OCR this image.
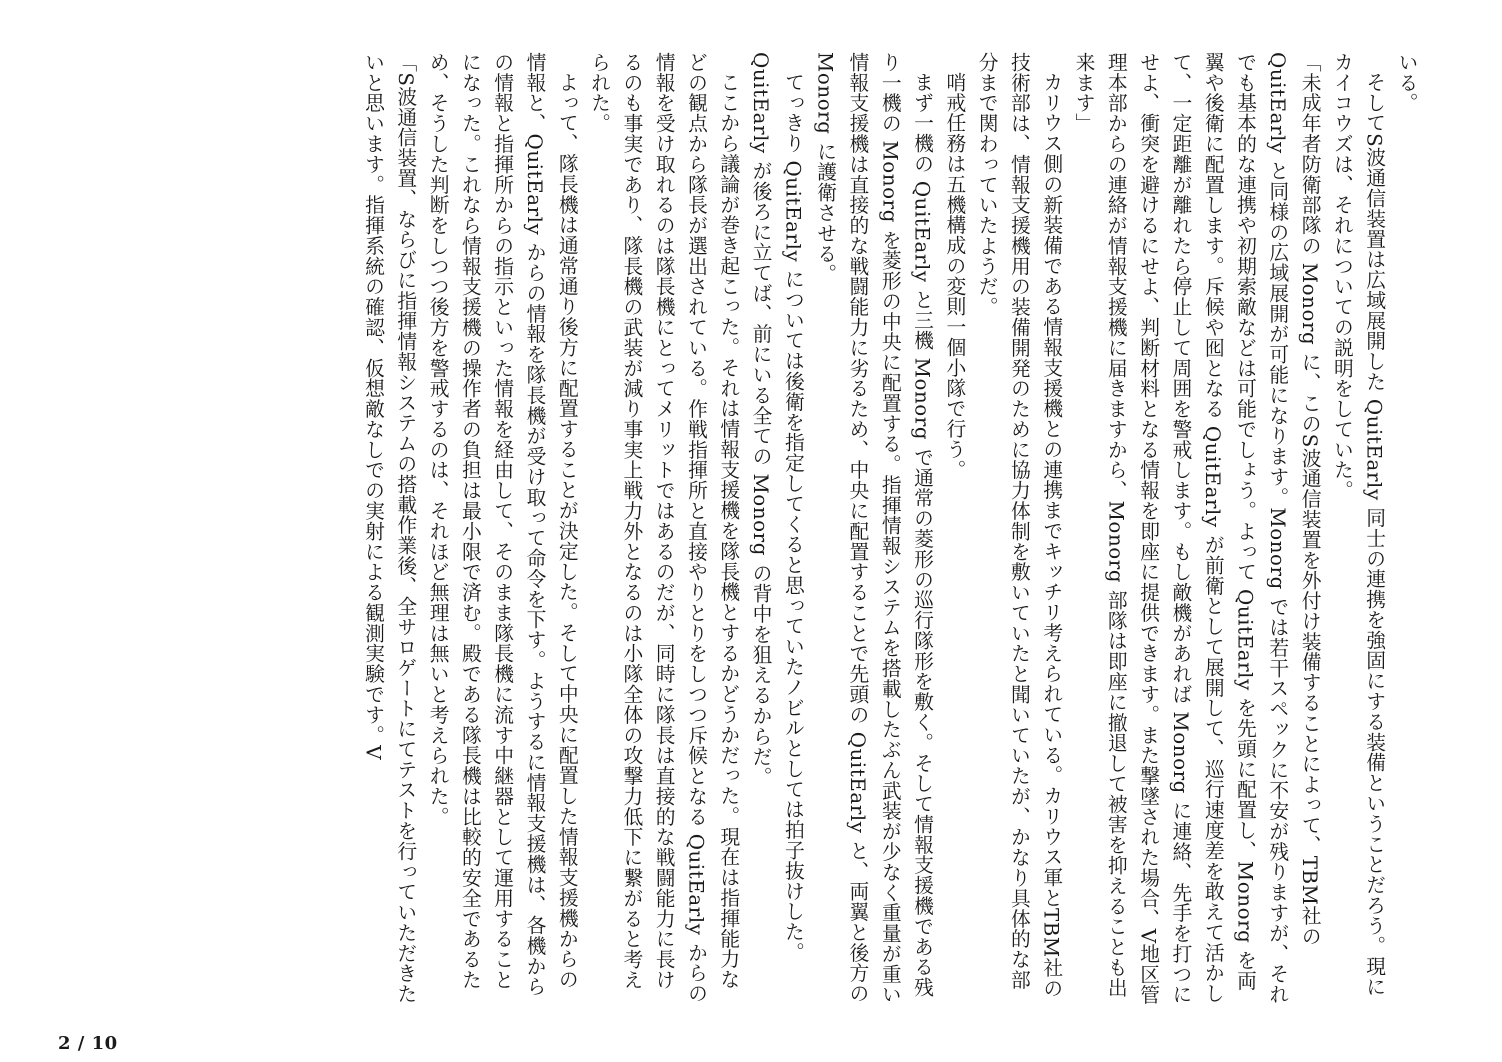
いる。

そしてS波通信装置は広域展開した QuitEarly 同士の連携を強固にする装備ということだろう。現にカイコウズは、それについての説明をしていた。

「未成年者防衛部隊の Monorg に、このS波通信装置を外付け装備することによって、TBM社の QuitEarly と同様の広域展開が可能になります。Monorg では若干スペックに不安が残りますが、それでも基本的な連携や初期索敵などは可能でしょう。よって QuitEarly を先頭に配置し、Monorg を両翼や後衛に配置します。斥候や囮となる QuitEarly が前衛として展開して、巡行速度差を敢えて活かして、一定距離が離れたら停止して周囲を警戒します。もし敵機があれば Monorg に連絡、先手を打つにせよ、衝突を避けるにせよ、判断材料となる情報を即座に提供できます。また撃墜された場合、V地区管理本部からの連絡が情報支援機に届きますから、Monorg 部隊は即座に撤退して被害を抑えることも出来ます」

カリウス側の新装備である情報支援機との連携までキッチリ考えられている。カリウス軍とTBM社の技術部は、情報支援機用の装備開発のために協力体制を敷いていたと聞いていたが、かなり具体的な部分まで関わっていたようだ。

哨戒任務は五機構成の変則一個小隊で行う。

まず一機の QuitEarly と三機 Monorg で通常の菱形の巡行隊形を敷く。そして情報支援機である残り一機の Monorg を菱形の中央に配置する。指揮情報システムを搭載したぶん武装が少なく重量が重い情報支援機は直接的な戦闘能力に劣るため、中央に配置することで先頭の QuitEarly と、両翼と後方の Monorg に護衛させる。

てっきり QuitEarly については後衛を指定してくると思っていたノビルとしては拍子抜けした。QuitEarly が後ろに立てば、前にいる全ての Monorg の背中を狙えるからだ。

ここから議論が巻き起こった。それは情報支援機を隊長機とするかどうかだった。現在は指揮能力などの観点から隊長が選出されている。作戦指揮所と直接やりとりをしつつ斥候となる QuitEarly からの情報を受け取れるのは隊長機にとってメリットではあるのだが、同時に隊長は直接的な戦闘能力に長けるのも事実であり、隊長機の武装が減り事実上戦力外となるのは小隊全体の攻撃力低下に繋がると考えられた。

よって、隊長機は通常通り後方に配置することが決定した。そして中央に配置した情報支援機からの情報と、QuitEarly からの情報を隊長機が受け取って命令を下す。ようするに情報支援機は、各機からの情報と指揮所からの指示といった情報を経由して、そのまま隊長機に流す中継器として運用することになった。これなら情報支援機の操作者の負担は最小限で済む。殿である隊長機は比較的安全であるため、そうした判断をしつつ後方を警戒するのは、それほど無理は無いと考えられた。

「S波通信装置、ならびに指揮情報システムの搭載作業後、全サロゲートにてテストを行っていただきたいと思います。指揮系統の確認、仮想敵なしでの実射による観測実験です。V

2 / 10
